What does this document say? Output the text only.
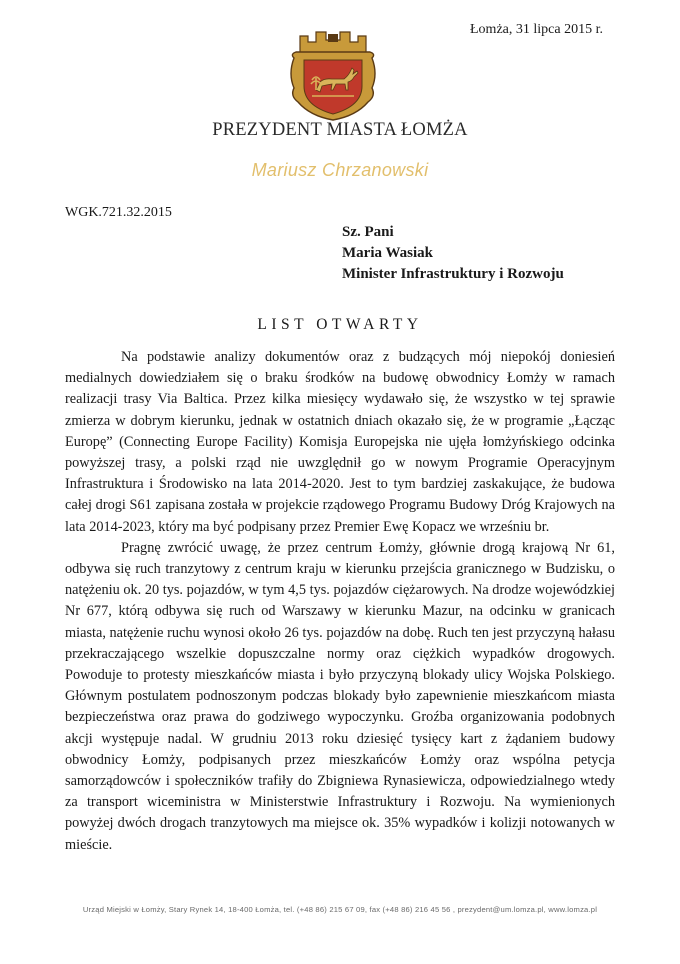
Łomża, 31 lipca 2015 r.
PREZYDENT MIASTA ŁOMŻA
Mariusz Chrzanowski
WGK.721.32.2015
Sz. Pani
Maria Wasiak
Minister Infrastruktury i Rozwoju
LIST OTWARTY

Na podstawie analizy dokumentów oraz z budzących mój niepokój doniesień medialnych dowiedziałem się o braku środków na budowę obwodnicy Łomży w ramach realizacji trasy Via Baltica. Przez kilka miesięcy wydawało się, że wszystko w tej sprawie zmierza w dobrym kierunku, jednak w ostatnich dniach okazało się, że w programie „Łącząc Europę” (Connecting Europe Facility) Komisja Europejska nie ujęła łomżyńskiego odcinka powyższej trasy, a polski rząd nie uwzględnił go w nowym Programie Operacyjnym Infrastruktura i Środowisko na lata 2014-2020. Jest to tym bardziej zaskakujące, że budowa całej drogi S61 zapisana została w projekcie rządowego Programu Budowy Dróg Krajowych na lata 2014-2023, który ma być podpisany przez Premier Ewę Kopacz we wrześniu br.

Pragnę zwrócić uwagę, że przez centrum Łomży, głównie drogą krajową Nr 61, odbywa się ruch tranzytowy z centrum kraju w kierunku przejścia granicznego w Budzisku, o natężeniu ok. 20 tys. pojazdów, w tym 4,5 tys. pojazdów ciężarowych. Na drodze wojewódzkiej Nr 677, którą odbywa się ruch od Warszawy w kierunku Mazur, na odcinku w granicach miasta, natężenie ruchu wynosi około 26 tys. pojazdów na dobę. Ruch ten jest przyczyną hałasu przekraczającego wszelkie dopuszczalne normy oraz ciężkich wypadków drogowych. Powoduje to protesty mieszkańców miasta i było przyczyną blokady ulicy Wojska Polskiego. Głównym postulatem podnoszonym podczas blokady było zapewnienie mieszkańcom miasta bezpieczeństwa oraz prawa do godziwego wypoczynku. Groźba organizowania podobnych akcji występuje nadal. W grudniu 2013 roku dziesięć tysięcy kart z żądaniem budowy obwodnicy Łomży, podpisanych przez mieszkańców Łomży oraz wspólna petycja samorządowców i społeczników trafiły do Zbigniewa Rynasiewicza, odpowiedzialnego wtedy za transport wiceministra w Ministerstwie Infrastruktury i Rozwoju. Na wymienionych powyżej dwóch drogach tranzytowych ma miejsce ok. 35% wypadków i kolizji notowanych w mieście.

Urząd Miejski w Łomży, Stary Rynek 14, 18-400 Łomża, tel. (+48 86) 215 67 09, fax (+48 86) 216 45 56 , prezydent@um.lomza.pl, www.lomza.pl
